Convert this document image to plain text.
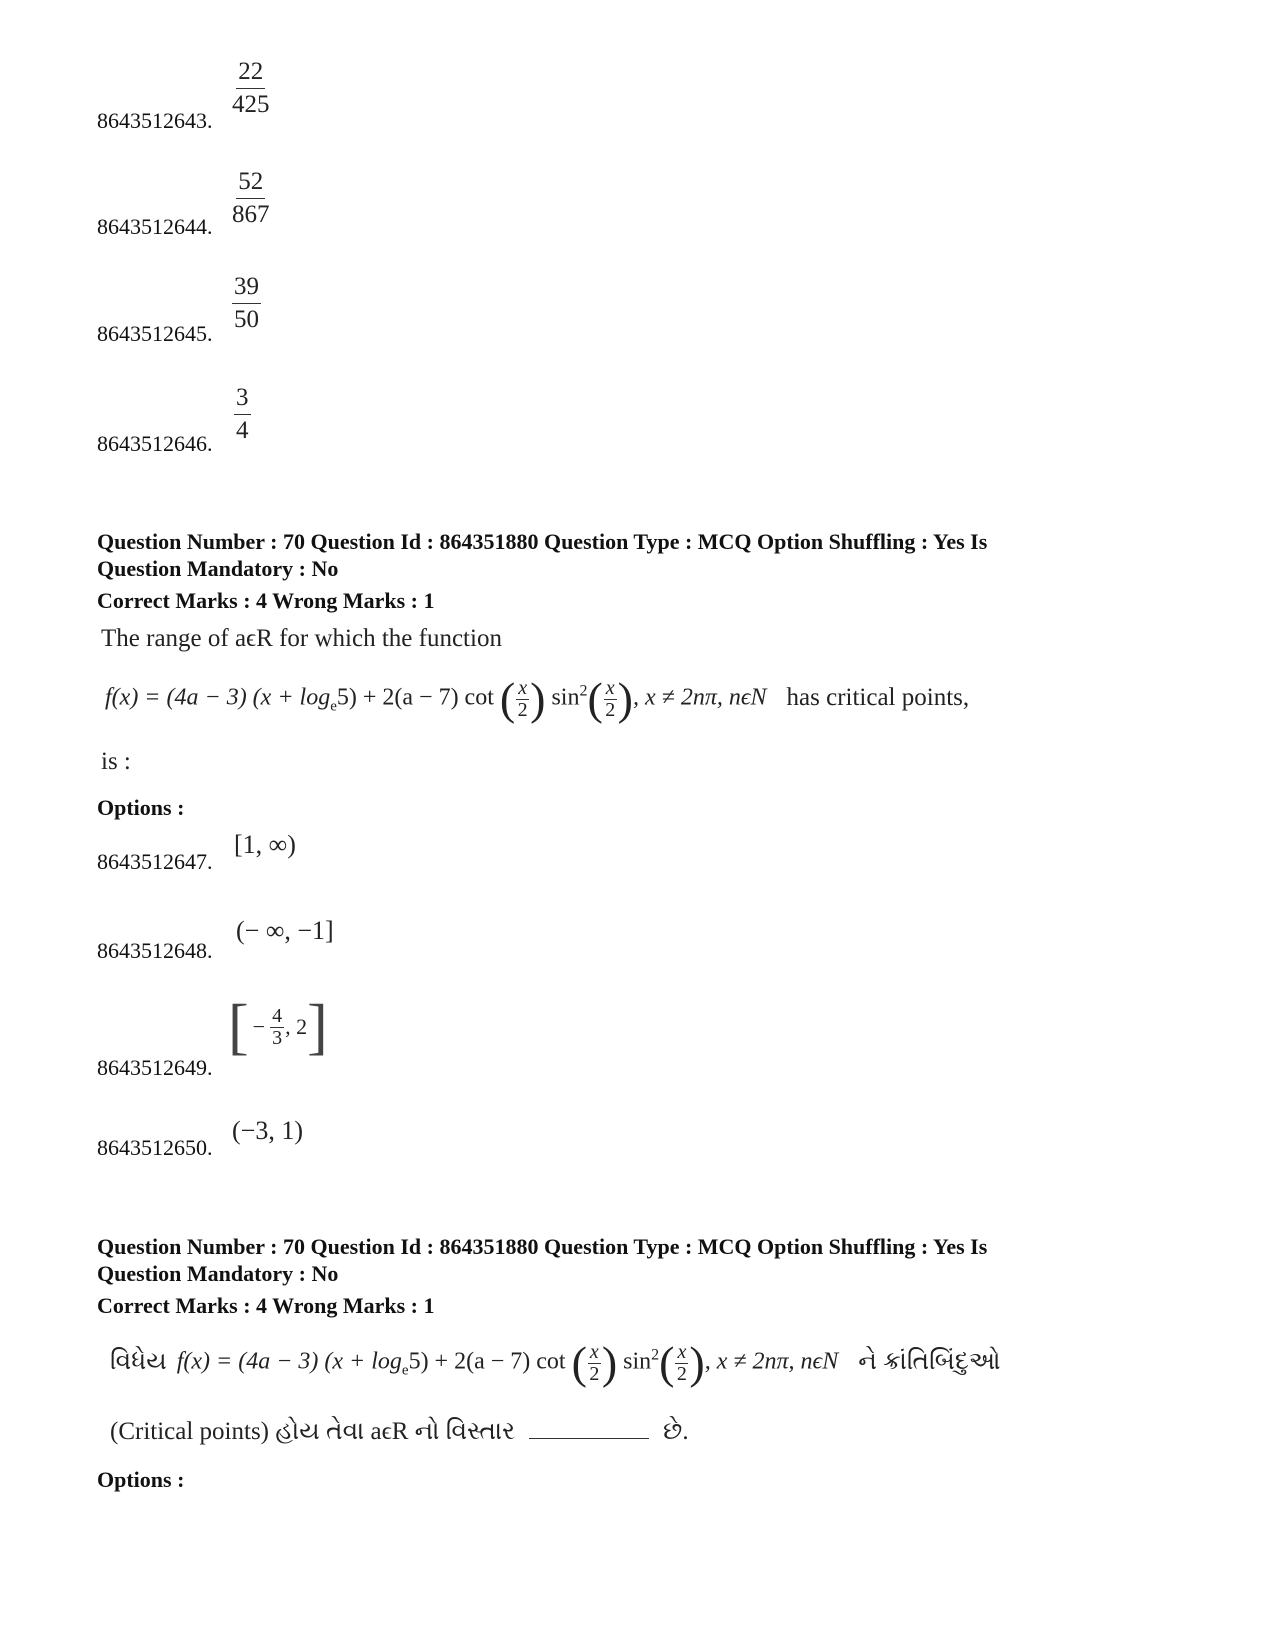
8643512643.
$\frac{22}{425}$
8643512644. $\frac{52}{867}$
8643512645.
$\frac{39}{50}$
8643512646. $\frac{3}{4}$
Question Number : 70 Question Id : 864351880 Question Type : MCQ Option Shuffling : Yes Is
Question Mandatory : No
Correct Marks : 4 Wrong Marks : 1
The range of aϵR for which the function
f(x) = (4a − 3) $(x + \log_e5) + 2(a - 7)$ cot ( $\frac{x}{2}$ ) $\sin^2( \frac{x}{2}$ ), x ≠ 2nπ, nϵN has critical points,
is :
Options :
8643512647.
[1, ∞)
8643512648.
(− ∞, −1]
8643512649.
[ − $\frac{4}{3}$ , 2 ]
8643512650.
(−3, 1)
Question Number : 70 Question Id : 864351880 Question Type : MCQ Option Shuffling : Yes Is
Question Mandatory : No
Correct Marks : 4 Wrong Marks : 1
વિધેય f(x) = (4a − 3) $(x + \log_e5) + 2(a - 7)$ cot ( $\frac{x}{2}$ ) $\sin^2( \frac{x}{2}$ ), x ≠ 2nπ, nϵN ને ક્રાંતિબિંદુઓ
(Critical points) હોય તેવા aϵR નો વિસ્તાર	છે.
Options :
